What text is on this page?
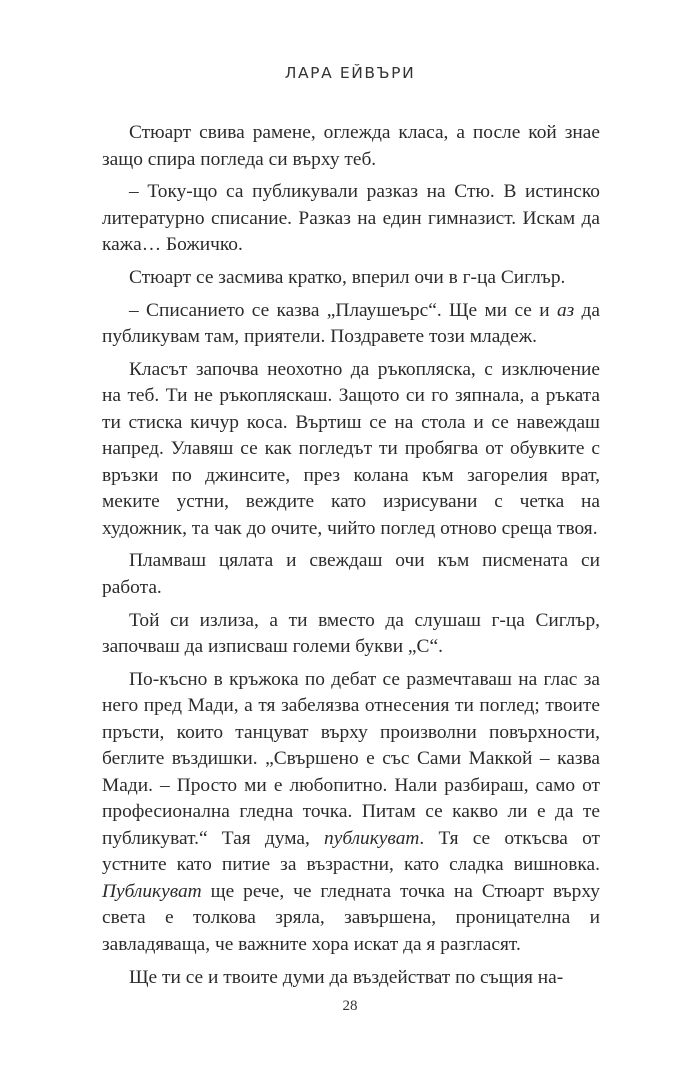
ЛАРА ЕЙВЪРИ

Стюарт свива рамене, оглежда класа, а после кой знае защо спира погледа си върху теб.

– Току-що са публикували разказ на Стю. В истинско литературно списание. Разказ на един гимназист. Искам да кажа… Божичко.

Стюарт се засмива кратко, вперил очи в г-ца Сиглър.

– Списанието се казва „Плаушеърс“. Ще ми се и аз да публикувам там, приятели. Поздравете този младеж.

Класът започва неохотно да ръкопляска, с изключение на теб. Ти не ръкопляскаш. Защото си го зяпнала, а ръката ти стиска кичур коса. Въртиш се на стола и се навеждаш напред. Улавяш се как погледът ти пробягва от обувките с връзки по джинсите, през колана към загорелия врат, меките устни, веждите като изрисувани с четка на художник, та чак до очите, чийто поглед отново среща твоя.

Пламваш цялата и свеждаш очи към писмената си работа.

Той си излиза, а ти вместо да слушаш г-ца Сиглър, започваш да изписваш големи букви „С“.

По-късно в кръжока по дебат се размечтаваш на глас за него пред Мади, а тя забелязва отнесения ти поглед; твоите пръсти, които танцуват върху произволни повърхности, беглите въздишки. „Свършено е със Сами Маккой – казва Мади. – Просто ми е любопитно. Нали разбираш, само от професионална гледна точка. Питам се какво ли е да те публикуват.“ Тая дума, публикуват. Тя се откъсва от устните като питие за възрастни, като сладка вишновка. Публикуват ще рече, че гледната точка на Стюарт върху света е толкова зряла, завършена, проницателна и завладяваща, че важните хора искат да я разгласят.

Ще ти се и твоите думи да въздействат по същия на-

28
